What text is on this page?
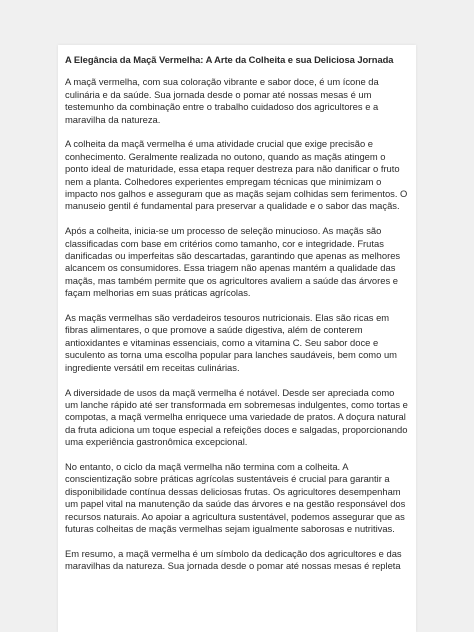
A Elegância da Maçã Vermelha: A Arte da Colheita e sua Deliciosa Jornada

A maçã vermelha, com sua coloração vibrante e sabor doce, é um ícone da culinária e da saúde. Sua jornada desde o pomar até nossas mesas é um testemunho da combinação entre o trabalho cuidadoso dos agricultores e a maravilha da natureza.

A colheita da maçã vermelha é uma atividade crucial que exige precisão e conhecimento. Geralmente realizada no outono, quando as maçãs atingem o ponto ideal de maturidade, essa etapa requer destreza para não danificar o fruto nem a planta. Colhedores experientes empregam técnicas que minimizam o impacto nos galhos e asseguram que as maçãs sejam colhidas sem ferimentos. O manuseio gentil é fundamental para preservar a qualidade e o sabor das maçãs.

Após a colheita, inicia-se um processo de seleção minucioso. As maçãs são classificadas com base em critérios como tamanho, cor e integridade. Frutas danificadas ou imperfeitas são descartadas, garantindo que apenas as melhores alcancem os consumidores. Essa triagem não apenas mantém a qualidade das maçãs, mas também permite que os agricultores avaliem a saúde das árvores e façam melhorias em suas práticas agrícolas.

As maçãs vermelhas são verdadeiros tesouros nutricionais. Elas são ricas em fibras alimentares, o que promove a saúde digestiva, além de conterem antioxidantes e vitaminas essenciais, como a vitamina C. Seu sabor doce e suculento as torna uma escolha popular para lanches saudáveis, bem como um ingrediente versátil em receitas culinárias.

A diversidade de usos da maçã vermelha é notável. Desde ser apreciada como um lanche rápido até ser transformada em sobremesas indulgentes, como tortas e compotas, a maçã vermelha enriquece uma variedade de pratos. A doçura natural da fruta adiciona um toque especial a refeições doces e salgadas, proporcionando uma experiência gastronômica excepcional.

No entanto, o ciclo da maçã vermelha não termina com a colheita. A conscientização sobre práticas agrícolas sustentáveis é crucial para garantir a disponibilidade contínua dessas deliciosas frutas. Os agricultores desempenham um papel vital na manutenção da saúde das árvores e na gestão responsável dos recursos naturais. Ao apoiar a agricultura sustentável, podemos assegurar que as futuras colheitas de maçãs vermelhas sejam igualmente saborosas e nutritivas.

Em resumo, a maçã vermelha é um símbolo da dedicação dos agricultores e das maravilhas da natureza. Sua jornada desde o pomar até nossas mesas é repleta
